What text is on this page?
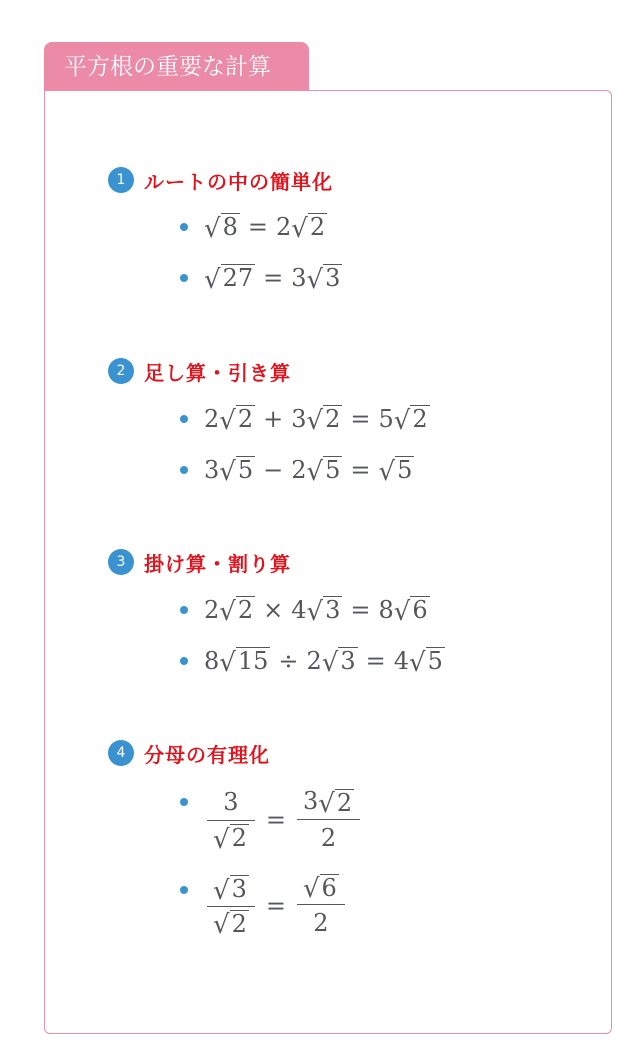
平方根の重要な計算
1 ルートの中の簡単化
√ 8 = 2 √ 2
√ 27 = 3 √ 3
2 足し算・引き算
2 √ 2 + 3 √ 2 = 5 √ 2
3 √ 5 − 2 √ 5 = √ 5
3 掛け算・割り算
2 √ 2 × 4 √ 3 = 8 √ 6
8 √ 15 ÷ 2 √ 3 = 4 √ 5
4 分母の有理化
$\frac{3}{√ 2} = \frac{3 √ 2}{2}$
$\frac{√ 3}{√ 2} = \frac{√ 6}{2}$
